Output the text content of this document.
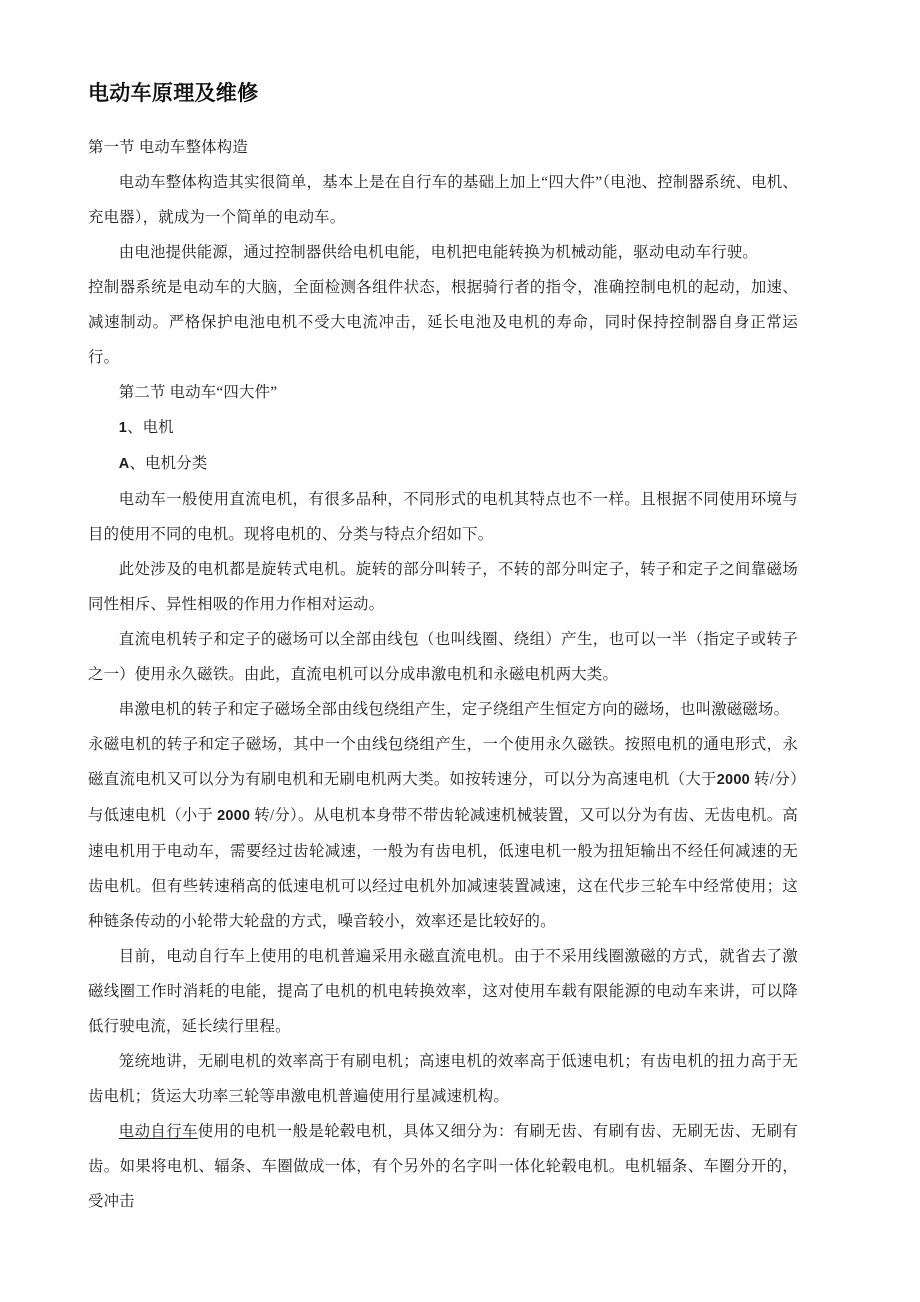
电动车原理及维修

第一节 电动车整体构造

电动车整体构造其实很简单，基本上是在自行车的基础上加上“四大件”（电池、控制器系统、电机、充电器），就成为一个简单的电动车。

由电池提供能源，通过控制器供给电机电能，电机把电能转换为机械动能，驱动电动车行驶。

控制器系统是电动车的大脑，全面检测各组件状态，根据骑行者的指令，准确控制电机的起动，加速、减速制动。严格保护电池电机不受大电流冲击，延长电池及电机的寿命，同时保持控制器自身正常运行。

第二节 电动车“四大件”

1、电机

A、电机分类

电动车一般使用直流电机，有很多品种，不同形式的电机其特点也不一样。且根据不同使用环境与目的使用不同的电机。现将电机的、分类与特点介绍如下。

此处涉及的电机都是旋转式电机。旋转的部分叫转子，不转的部分叫定子，转子和定子之间靠磁场同性相斥、异性相吸的作用力作相对运动。

直流电机转子和定子的磁场可以全部由线包（也叫线圈、绕组）产生，也可以一半（指定子或转子之一）使用永久磁铁。由此，直流电机可以分成串激电机和永磁电机两大类。

串激电机的转子和定子磁场全部由线包绕组产生，定子绕组产生恒定方向的磁场，也叫激磁磁场。

永磁电机的转子和定子磁场，其中一个由线包绕组产生，一个使用永久磁铁。按照电机的通电形式，永磁直流电机又可以分为有刷电机和无刷电机两大类。如按转速分，可以分为高速电机（大于2000 转/分）与低速电机（小于 2000 转/分）。从电机本身带不带齿轮减速机械装置，又可以分为有齿、无齿电机。高速电机用于电动车，需要经过齿轮减速，一般为有齿电机，低速电机一般为扭矩输出不经任何减速的无齿电机。但有些转速稍高的低速电机可以经过电机外加减速装置减速，这在代步三轮车中经常使用；这种链条传动的小轮带大轮盘的方式，噪音较小，效率还是比较好的。

目前，电动自行车上使用的电机普遍采用永磁直流电机。由于不采用线圈激磁的方式，就省去了激磁线圈工作时消耗的电能，提高了电机的机电转换效率，这对使用车载有限能源的电动车来讲，可以降低行驶电流，延长续行里程。

笼统地讲，无刷电机的效率高于有刷电机；高速电机的效率高于低速电机；有齿电机的扭力高于无齿电机；货运大功率三轮等串激电机普遍使用行星减速机构。

电动自行车使用的电机一般是轮毂电机，具体又细分为：有刷无齿、有刷有齿、无刷无齿、无刷有齿。如果将电机、辐条、车圈做成一体，有个另外的名字叫一体化轮毂电机。电机辐条、车圈分开的，受冲击
